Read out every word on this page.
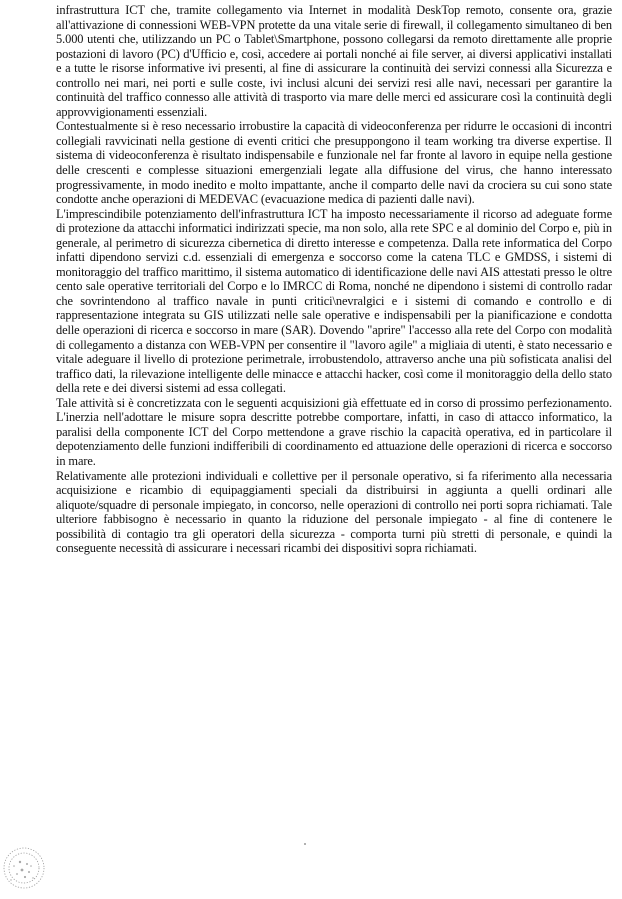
infrastruttura ICT che, tramite collegamento via Internet in modalità DeskTop remoto, consente ora, grazie all'attivazione di connessioni WEB-VPN protette da una vitale serie di firewall, il collegamento simultaneo di ben 5.000 utenti che, utilizzando un PC o Tablet\Smartphone, possono collegarsi da remoto direttamente alle proprie postazioni di lavoro (PC) d'Ufficio e, così, accedere ai portali nonché ai file server, ai diversi applicativi installati e a tutte le risorse informative ivi presenti, al fine di assicurare la continuità dei servizi connessi alla Sicurezza e controllo nei mari, nei porti e sulle coste, ivi inclusi alcuni dei servizi resi alle navi, necessari per garantire la continuità del traffico connesso alle attività di trasporto via mare delle merci ed assicurare così la continuità degli approvvigionamenti essenziali.

Contestualmente si è reso necessario irrobustire la capacità di videoconferenza per ridurre le occasioni di incontri collegiali ravvicinati nella gestione di eventi critici che presuppongono il team working tra diverse expertise. Il sistema di videoconferenza è risultato indispensabile e funzionale nel far fronte al lavoro in equipe nella gestione delle crescenti e complesse situazioni emergenziali legate alla diffusione del virus, che hanno interessato progressivamente, in modo inedito e molto impattante, anche il comparto delle navi da crociera su cui sono state condotte anche operazioni di MEDEVAC (evacuazione medica di pazienti dalle navi).

L'imprescindibile potenziamento dell'infrastruttura ICT ha imposto necessariamente il ricorso ad adeguate forme di protezione da attacchi informatici indirizzati specie, ma non solo, alla rete SPC e al dominio del Corpo e, più in generale, al perimetro di sicurezza cibernetica di diretto interesse e competenza. Dalla rete informatica del Corpo infatti dipendono servizi c.d. essenziali di emergenza e soccorso come la catena TLC e GMDSS, i sistemi di monitoraggio del traffico marittimo, il sistema automatico di identificazione delle navi AIS attestati presso le oltre cento sale operative territoriali del Corpo e lo IMRCC di Roma, nonché ne dipendono i sistemi di controllo radar che sovrintendono al traffico navale in punti critici\nevralgici e i sistemi di comando e controllo e di rappresentazione integrata su GIS utilizzati nelle sale operative e indispensabili per la pianificazione e condotta delle operazioni di ricerca e soccorso in mare (SAR). Dovendo "aprire" l'accesso alla rete del Corpo con modalità di collegamento a distanza con WEB-VPN per consentire il "lavoro agile" a migliaia di utenti, è stato necessario e vitale adeguare il livello di protezione perimetrale, irrobustendolo, attraverso anche una più sofisticata analisi del traffico dati, la rilevazione intelligente delle minacce e attacchi hacker, così come il monitoraggio della dello stato della rete e dei diversi sistemi ad essa collegati.

Tale attività si è concretizzata con le seguenti acquisizioni già effettuate ed in corso di prossimo perfezionamento. L'inerzia nell'adottare le misure sopra descritte potrebbe comportare, infatti, in caso di attacco informatico, la paralisi della componente ICT del Corpo mettendone a grave rischio la capacità operativa, ed in particolare il depotenziamento delle funzioni indifferibili di coordinamento ed attuazione delle operazioni di ricerca e soccorso in mare.

Relativamente alle protezioni individuali e collettive per il personale operativo, si fa riferimento alla necessaria acquisizione e ricambio di equipaggiamenti speciali da distribuirsi in aggiunta a quelli ordinari alle aliquote/squadre di personale impiegato, in concorso, nelle operazioni di controllo nei porti sopra richiamati. Tale ulteriore fabbisogno è necessario in quanto la riduzione del personale impiegato - al fine di contenere le possibilità di contagio tra gli operatori della sicurezza - comporta turni più stretti di personale, e quindi la conseguente necessità di assicurare i necessari ricambi dei dispositivi sopra richiamati.
